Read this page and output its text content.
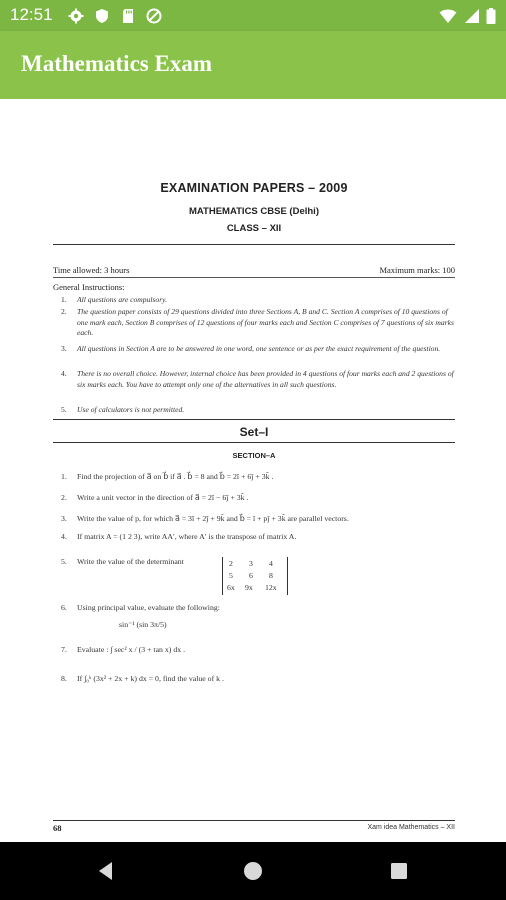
12:51
Mathematics Exam
EXAMINATION PAPERS – 2009
MATHEMATICS CBSE (Delhi)
CLASS – XII
Time allowed: 3 hours	Maximum marks: 100
General Instructions:
1. All questions are compulsory.
2. The question paper consists of 29 questions divided into three Sections A, B and C. Section A comprises of 10 questions of one mark each, Section B comprises of 12 questions of four marks each and Section C comprises of 7 questions of six marks each.
3. All questions in Section A are to be answered in one word, one sentence or as per the exact requirement of the question.
4. There is no overall choice. However, internal choice has been provided in 4 questions of four marks each and 2 questions of six marks each. You have to attempt only one of the alternatives in all such questions.
5. Use of calculators is not permitted.
Set–I
SECTION–A
1. Find the projection of a⃗ on b⃗ if a⃗ . b⃗ = 8 and b⃗ = 2î + 6ĵ + 3k̂ .
2. Write a unit vector in the direction of a⃗ = 2î − 6ĵ + 3k̂ .
3. Write the value of p, for which a⃗ = 3î + 2ĵ + 9k̂ and b⃗ = î + pĵ + 3k̂ are parallel vectors.
4. If matrix A = (1 2 3), write AA′, where A′ is the transpose of matrix A.
5. Write the value of the determinant	2 3 4
5 6 8
6x 9x 12x
6. Using principal value, evaluate the following:
sin⁻¹ (sin 3π/5)
7. Evaluate : ∫ sec² x / (3 + tan x) dx .
8. If ∫₀ᵏ (3x² + 2x + k) dx = 0, find the value of k .
68	Xam idea Mathematics – XII
